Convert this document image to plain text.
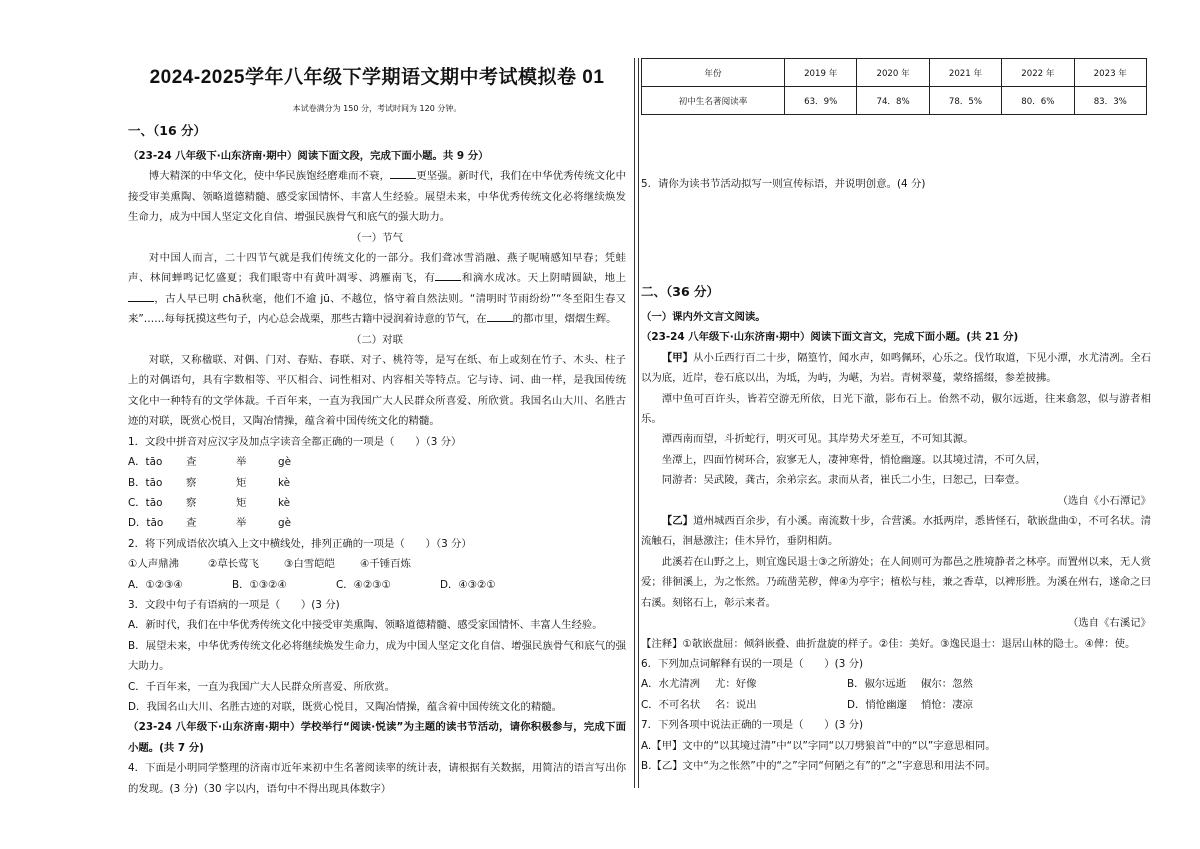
2024-2025学年八年级下学期语文期中考试模拟卷 01
本试卷满分为 150 分，考试时间为 120 分钟。
一、（16 分）
（23-24 八年级下·山东济南·期中）阅读下面文段，完成下面小题。共 9 分）

博大精深的中华文化，使中华民族饱经磨难而不衰，	更坚强。新时代，我们在中华优秀传统文化中接受审美熏陶、领略道德精髓、感受家国情怀、丰富人生经验。展望未来，中华优秀传统文化必将继续焕发生命力，成为中国人坚定文化自信、增强民族骨气和底气的强大助力。

（一）节气

对中国人而言，二十四节气就是我们传统文化的一部分。我们聋冰雪消融、燕子呢喃感知早春；凭蛙声、林间蝉鸣记忆盛夏；我们眼寄中有黄叶凋零、鸿雁南飞，有	和滴水成冰。天上阴晴圆缺，地上，古人早已明 chā秋毫，他们不逾 jū、不越位，恪守着自然法则。“清明时节雨纷纷”“冬至阳生春又来”……每每抚摸这些句子，内心总会战栗，那些古籍中浸润着诗意的节气，在	的都市里，熠熠生辉。

（二）对联

对联，又称楹联、对偶、门对、春贴、春联、对子、桃符等，是写在纸、布上或刻在竹子、木头、柱子上的对偶语句，具有字数相等、平仄相合、词性相对、内容相关等特点。它与诗、词、曲一样，是我国传统文化中一种特有的文学体裁。千百年来，一直为我国广大人民群众所喜爱、所欣赏。我国名山大川、名胜古迹的对联，既赏心悦目，又陶冶情操，蕴含着中国传统文化的精髓。

1．文段中拼音对应汉字及加点字读音全都正确的一项是（　　）（3 分）
A．tāo	查	举	gè
B．tāo	察	矩	kè
C．tāo	察	矩	kè
D．tāo	查	举	gè
2．将下列成语依次填入上文中横线处，排列正确的一项是（　　）（3 分）
①人声鼎沸	②草长莺飞	③白雪皑皑	④千锤百炼
A．①②③④	B．①③②④	C．④②③①	D．④③②①
3．文段中句子有语病的一项是（　　）(3 分)
A．新时代，我们在中华优秀传统文化中接受审美熏陶、领略道德精髓、感受家国情怀、丰富人生经验。
B．展望未来，中华优秀传统文化必将继续焕发生命力，成为中国人坚定文化自信、增强民族骨气和底气的强大助力。
C．千百年来，一直为我国广大人民群众所喜爱、所欣赏。
D．我国名山大川、名胜古迹的对联，既赏心悦目，又陶冶情操，蕴含着中国传统文化的精髓。
（23-24 八年级下·山东济南·期中）学校举行“阅读·悦读”为主题的读书节活动，请你积极参与，完成下面小题。(共 7 分)
4．下面是小明同学整理的济南市近年来初中生名著阅读率的统计表，请根据有关数据，用简洁的语言写出你的发现。(3 分)（30 字以内，语句中不得出现具体数字）
年份	2019 年	2020 年	2021 年	2022 年	2023 年
初中生名著阅读率	63．9%	74．8%	78．5%	80．6%	83．3%
5．请你为读书节活动拟写一则宣传标语，并说明创意。(4 分)
二、（36 分）
（一）课内外文言文阅读。
（23-24 八年级下·山东济南·期中）阅读下面文言文，完成下面小题。(共 21 分)

【甲】从小丘西行百二十步，隔篁竹，闻水声，如鸣佩环，心乐之。伐竹取道，下见小潭，水尤清冽。全石以为底，近岸，卷石底以出，为坻，为屿，为嵁，为岩。青树翠蔓，蒙络摇缀，参差披拂。

潭中鱼可百许头，皆若空游无所依，日光下澈，影布石上。佁然不动，俶尔远逝，往来翕忽，似与游者相乐。

潭西南而望，斗折蛇行，明灭可见。其岸势犬牙差互，不可知其源。

坐潭上，四面竹树环合，寂寥无人，凄神寒骨，悄怆幽邃。以其境过清，不可久居，

同游者：吴武陵，龚古，余弟宗玄。隶而从者，崔氏二小生，曰恕己，曰奉壹。

（选自《小石潭记》

【乙】道州城西百余步，有小溪。南流数十步，合营溪。水抵两岸，悉皆怪石，欹嵌盘曲①，不可名状。清流触石，洄悬激注；佳木异竹，垂阴相荫。

此溪若在山野之上，则宜逸民退士③之所游处；在人间则可为都邑之胜境静者之林亭。而置州以来，无人赏爱；徘徊溪上，为之怅然。乃疏凿芜秽，俾④为亭宇；植松与桂，兼之香草，以裨形胜。为溪在州右，遂命之曰右溪。刻铭石上，彰示来者。

（选自《右溪记》
【注释】①欹嵌盘屈：倾斜嵌叠、曲折盘旋的样子。②佳：美好。③逸民退士：退居山林的隐士。④俾：使。
6．下列加点词解释有误的一项是（　　）(3 分)
A．水尤清冽	尤：好像	B．俶尔远逝	俶尔：忽然
C．不可名状	名：说出	D．悄怆幽邃	悄怆：凄凉
7．下列各项中说法正确的一项是（　　）(3 分)
A.【甲】文中的“以其境过清”中“以”字同“以刀劈狼首”中的“以”字意思相同。
B.【乙】文中“为之怅然”中的“之”字同“何陋之有”的“之”字意思和用法不同。
